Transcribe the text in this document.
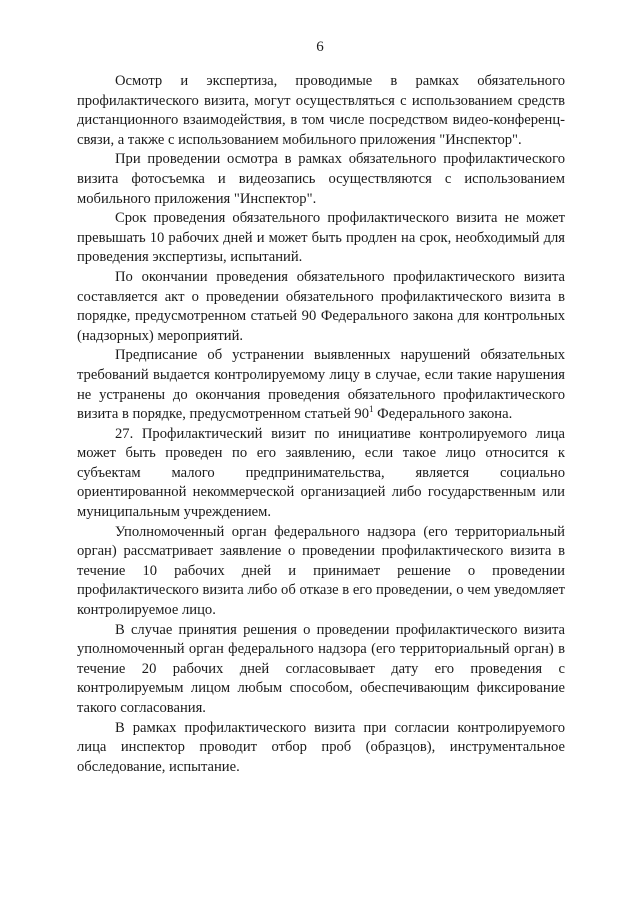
6

Осмотр и экспертиза, проводимые в рамках обязательного профилактического визита, могут осуществляться с использованием средств дистанционного взаимодействия, в том числе посредством видео-конференц-связи, а также с использованием мобильного приложения "Инспектор".

При проведении осмотра в рамках обязательного профилактического визита фотосъемка и видеозапись осуществляются с использованием мобильного приложения "Инспектор".

Срок проведения обязательного профилактического визита не может превышать 10 рабочих дней и может быть продлен на срок, необходимый для проведения экспертизы, испытаний.

По окончании проведения обязательного профилактического визита составляется акт о проведении обязательного профилактического визита в порядке, предусмотренном статьей 90 Федерального закона для контрольных (надзорных) мероприятий.

Предписание об устранении выявленных нарушений обязательных требований выдается контролируемому лицу в случае, если такие нарушения не устранены до окончания проведения обязательного профилактического визита в порядке, предусмотренном статьей $90^1$ Федерального закона.

27. Профилактический визит по инициативе контролируемого лица может быть проведен по его заявлению, если такое лицо относится к субъектам малого предпринимательства, является социально ориентированной некоммерческой организацией либо государственным или муниципальным учреждением.

Уполномоченный орган федерального надзора (его территориальный орган) рассматривает заявление о проведении профилактического визита в течение 10 рабочих дней и принимает решение о проведении профилактического визита либо об отказе в его проведении, о чем уведомляет контролируемое лицо.

В случае принятия решения о проведении профилактического визита уполномоченный орган федерального надзора (его территориальный орган) в течение 20 рабочих дней согласовывает дату его проведения с контролируемым лицом любым способом, обеспечивающим фиксирование такого согласования.

В рамках профилактического визита при согласии контролируемого лица инспектор проводит отбор проб (образцов), инструментальное обследование, испытание.
